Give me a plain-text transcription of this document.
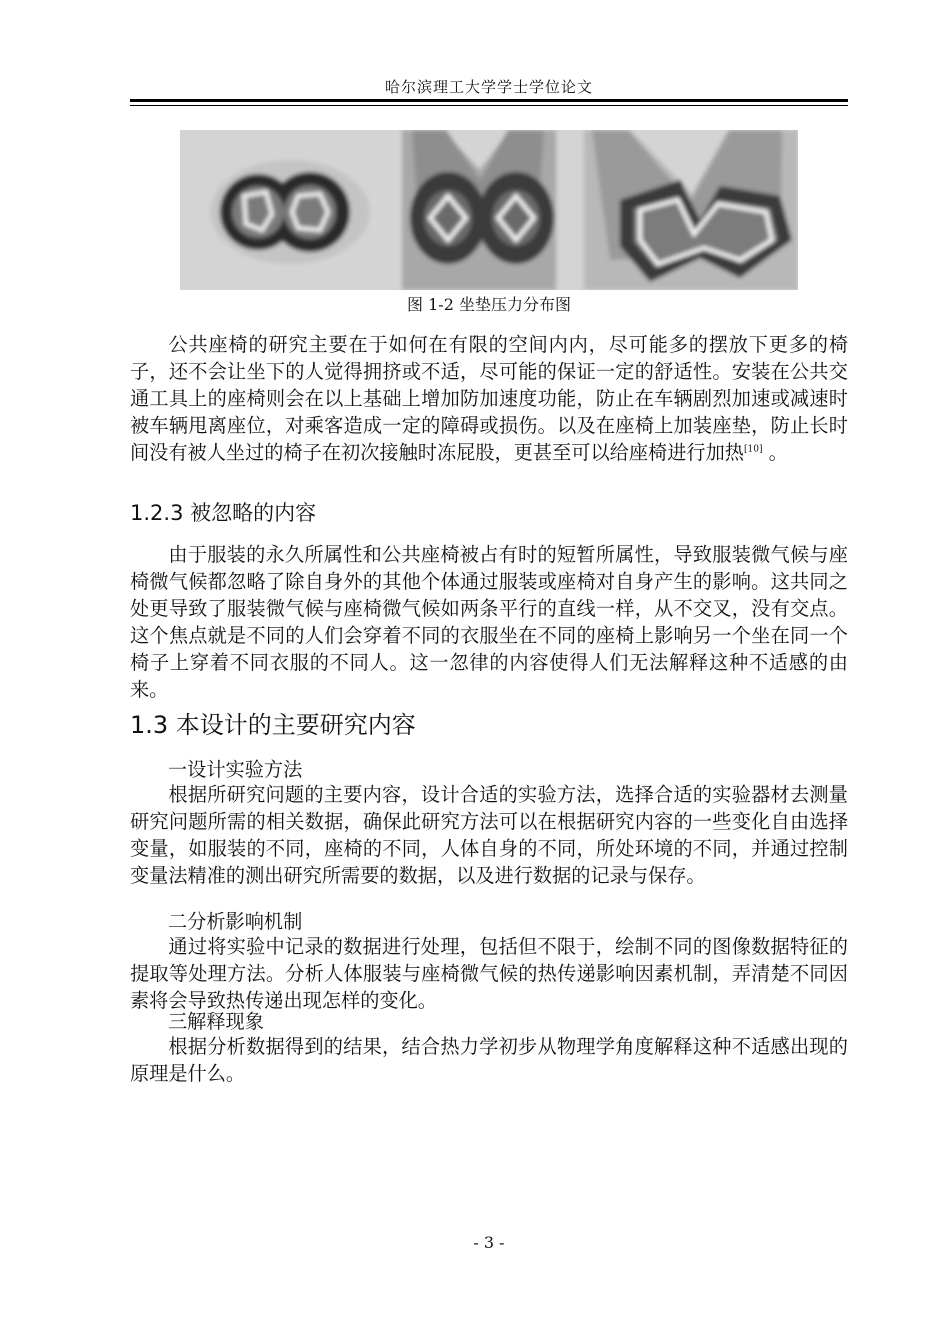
哈尔滨理工大学学士学位论文
图 1-2 坐垫压力分布图

公共座椅的研究主要在于如何在有限的空间内内，尽可能多的摆放下更多的椅子，还不会让坐下的人觉得拥挤或不适，尽可能的保证一定的舒适性。安装在公共交通工具上的座椅则会在以上基础上增加防加速度功能，防止在车辆剧烈加速或减速时被车辆甩离座位，对乘客造成一定的障碍或损伤。以及在座椅上加装座垫，防止长时间没有被人坐过的椅子在初次接触时冻屁股，更甚至可以给座椅进行加热[10] 。

1.2.3 被忽略的内容

由于服装的永久所属性和公共座椅被占有时的短暂所属性，导致服装微气候与座椅微气候都忽略了除自身外的其他个体通过服装或座椅对自身产生的影响。这共同之处更导致了服装微气候与座椅微气候如两条平行的直线一样，从不交叉，没有交点。这个焦点就是不同的人们会穿着不同的衣服坐在不同的座椅上影响另一个坐在同一个椅子上穿着不同衣服的不同人。这一忽律的内容使得人们无法解释这种不适感的由来。

1.3 本设计的主要研究内容
一设计实验方法

根据所研究问题的主要内容，设计合适的实验方法，选择合适的实验器材去测量研究问题所需的相关数据，确保此研究方法可以在根据研究内容的一些变化自由选择变量，如服装的不同，座椅的不同，人体自身的不同，所处环境的不同，并通过控制变量法精准的测出研究所需要的数据，以及进行数据的记录与保存。

二分析影响机制

通过将实验中记录的数据进行处理，包括但不限于，绘制不同的图像数据特征的提取等处理方法。分析人体服装与座椅微气候的热传递影响因素机制，弄清楚不同因素将会导致热传递出现怎样的变化。

三解释现象

根据分析数据得到的结果，结合热力学初步从物理学角度解释这种不适感出现的原理是什么。

- 3 -
